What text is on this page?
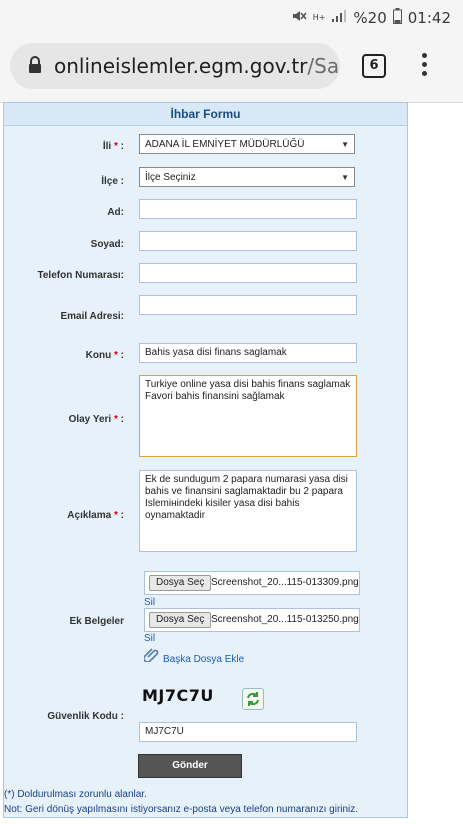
H+ %20 01:42
onlineislemler.egm.gov.tr/Sa	6
İhbar Formu
İli * :	ADANA İL EMNİYET MÜDÜRLÜĞÜ	▼
İlçe :	İlçe Seçiniz	▼
Ad:
Soyad:
Telefon Numarası:
Email Adresi:
Konu * :	Bahis yasa disi finans saglamak
Olay Yeri * :
Turkiye online yasa disi bahis finans saglamak
Favori bahis finansini sağlamak
Açıklama * :
Ek de sundugum 2 papara numarasi yasa disi
bahis ve finansini saglamaktadir bu 2 papara
Islemінindeki kisiler yasa disi bahis
oynamaktadir
Ek Belgeler
Dosya Seç Screenshot_20...115-013309.png
Sil
Dosya Seç Screenshot_20...115-013250.png
Sil
Başka Dosya Ekle
Güvenlik Kodu :
MJ7C7U
MJ7C7U
Gönder
(*) Doldurulması zorunlu alanlar.
Not: Geri dönüş yapılmasını istiyorsanız e-posta veya telefon numaranızı giriniz.
